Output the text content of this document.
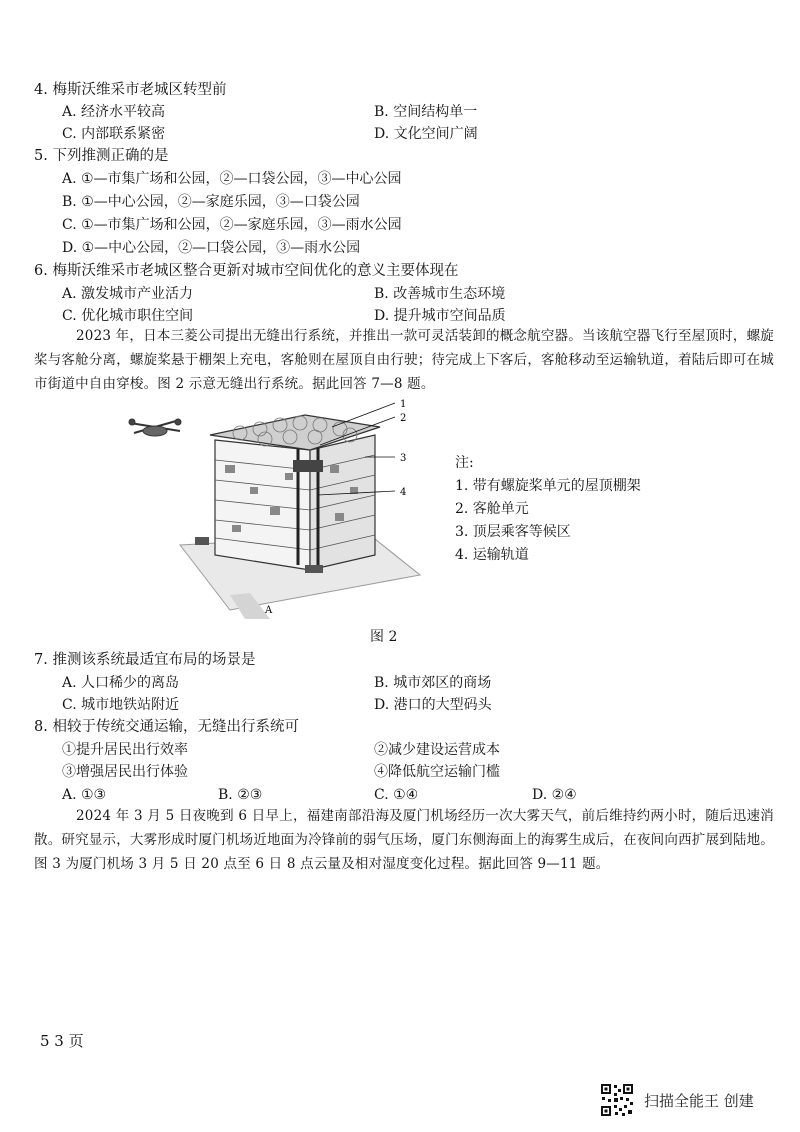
4. 梅斯沃维采市老城区转型前
A. 经济水平较高	B. 空间结构单一
C. 内部联系紧密	D. 文化空间广阔
5. 下列推测正确的是
A. ①—市集广场和公园，②—口袋公园，③—中心公园
B. ①—中心公园，②—家庭乐园，③—口袋公园
C. ①—市集广场和公园，②—家庭乐园，③—雨水公园
D. ①—中心公园，②—口袋公园，③—雨水公园
6. 梅斯沃维采市老城区整合更新对城市空间优化的意义主要体现在
A. 激发城市产业活力	B. 改善城市生态环境
C. 优化城市职住空间	D. 提升城市空间品质
2023 年，日本三菱公司提出无缝出行系统，并推出一款可灵活装卸的概念航空器。当该航空器飞行至屋顶时，螺旋桨与客舱分离，螺旋桨悬于棚架上充电，客舱则在屋顶自由行驶；待完成上下客后，客舱移动至运输轨道，着陆后即可在城市街道中自由穿梭。图 2 示意无缝出行系统。据此回答 7—8 题。
1
2
3
4
A
注:
1. 带有螺旋桨单元的屋顶棚架
2. 客舱单元
3. 顶层乘客等候区
4. 运输轨道
图 2
7. 推测该系统最适宜布局的场景是
A. 人口稀少的离岛	B. 城市郊区的商场
C. 城市地铁站附近	D. 港口的大型码头
8. 相较于传统交通运输，无缝出行系统可
①提升居民出行效率	②减少建设运营成本
③增强居民出行体验	④降低航空运输门槛
A. ①③	B. ②③	C. ①④	D. ②④
2024 年 3 月 5 日夜晚到 6 日早上，福建南部沿海及厦门机场经历一次大雾天气，前后维持约两小时，随后迅速消散。研究显示，大雾形成时厦门机场近地面为冷锋前的弱气压场，厦门东侧海面上的海雾生成后，在夜间向西扩展到陆地。图 3 为厦门机场 3 月 5 日 20 点至 6 日 8 点云量及相对湿度变化过程。据此回答 9—11 题。
5 3 页
扫描全能王 创建
